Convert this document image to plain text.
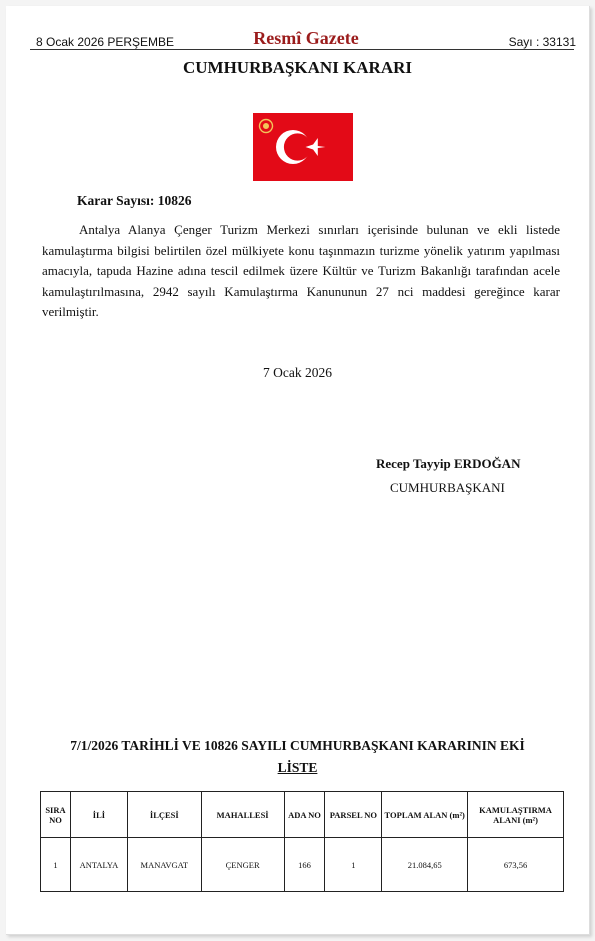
8 Ocak 2026 PERŞEMBE	Resmî Gazete	Sayı : 33131
CUMHURBAŞKANI KARARI
Karar Sayısı: 10826

Antalya Alanya Çenger Turizm Merkezi sınırları içerisinde bulunan ve ekli listede kamulaştırma bilgisi belirtilen özel mülkiyete konu taşınmazın turizme yönelik yatırım yapılması amacıyla, tapuda Hazine adına tescil edilmek üzere Kültür ve Turizm Bakanlığı tarafından acele kamulaştırılmasına, 2942 sayılı Kamulaştırma Kanununun 27 nci maddesi gereğince karar verilmiştir.

7 Ocak 2026
Recep Tayyip ERDOĞAN
CUMHURBAŞKANI
7/1/2026 TARİHLİ VE 10826 SAYILI CUMHURBAŞKANI KARARININ EKİ
LİSTE
SIRA NO	İLİ	İLÇESİ	MAHALLESİ	ADA NO	PARSEL NO	TOPLAM ALAN (m²)	KAMULAŞTIRMA ALANI (m²)
1	ANTALYA	MANAVGAT	ÇENGER	166	1	21.084,65	673,56
